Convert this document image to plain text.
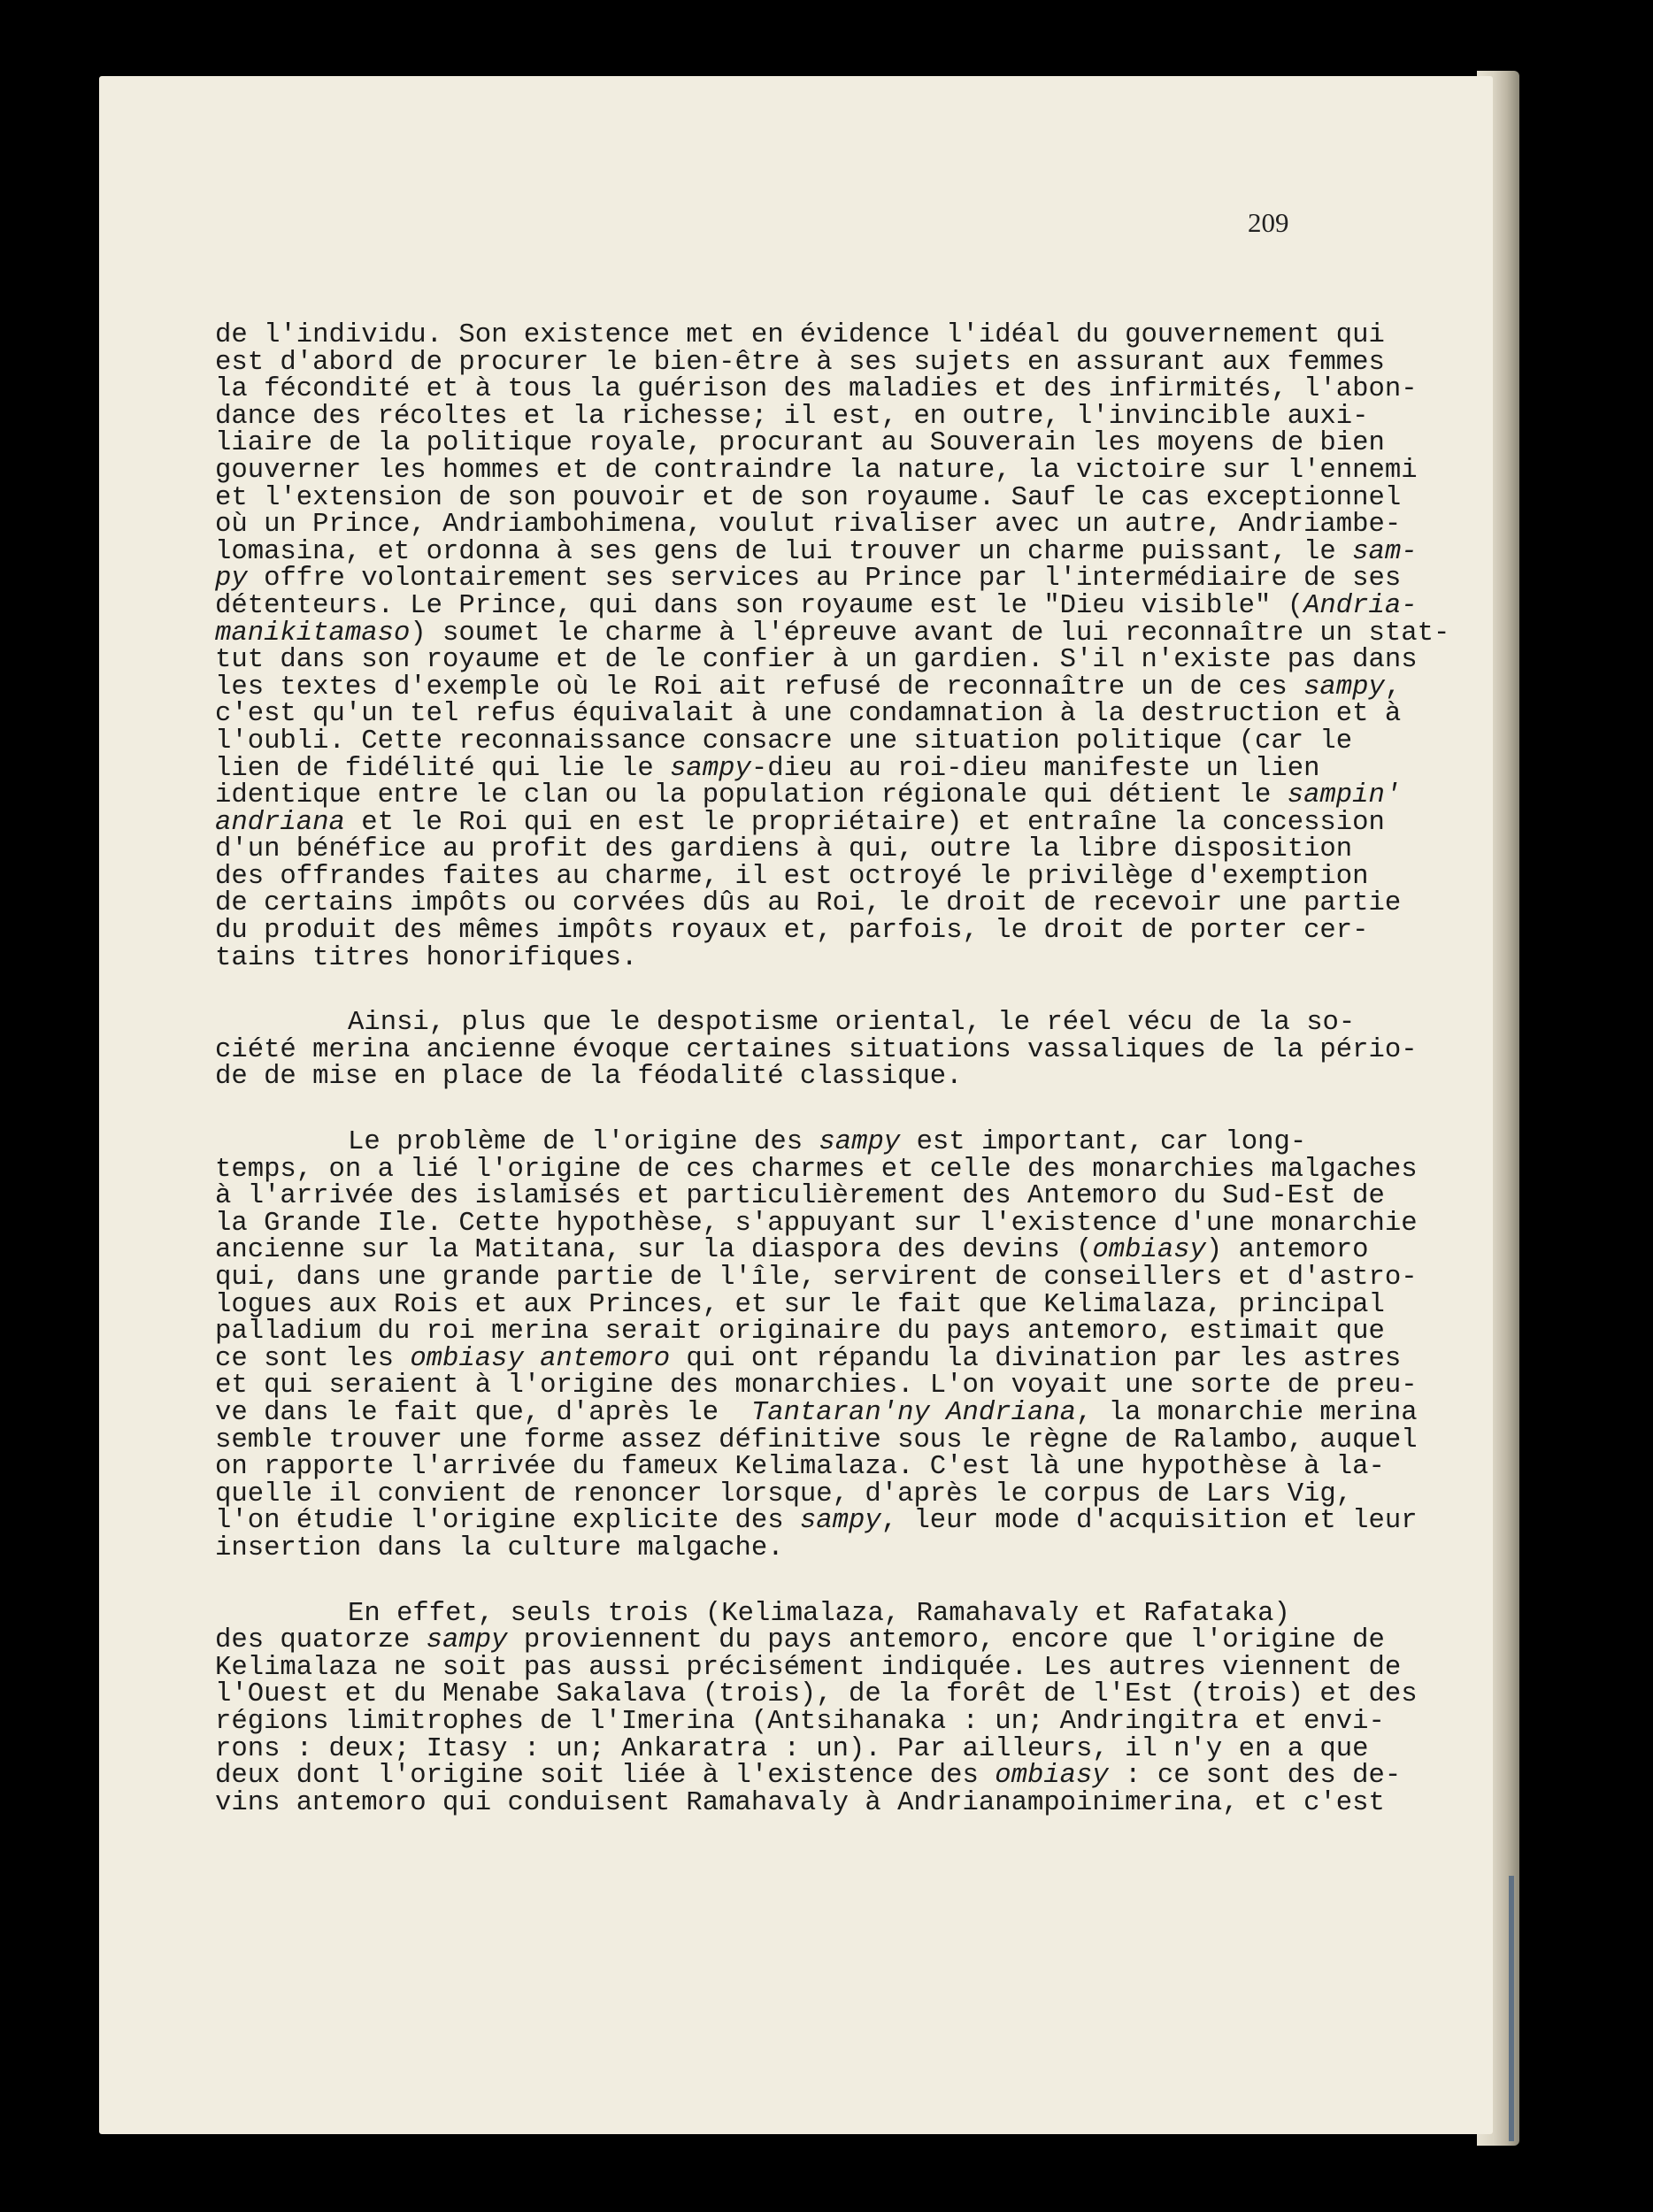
209
de l'individu. Son existence met en évidence l'idéal du gouvernement qui
est d'abord de procurer le bien-être à ses sujets en assurant aux femmes
la fécondité et à tous la guérison des maladies et des infirmités, l'abon-
dance des récoltes et la richesse; il est, en outre, l'invincible auxi-
liaire de la politique royale, procurant au Souverain les moyens de bien
gouverner les hommes et de contraindre la nature, la victoire sur l'ennemi
et l'extension de son pouvoir et de son royaume. Sauf le cas exceptionnel
où un Prince, Andriambohimena, voulut rivaliser avec un autre, Andriambe-
lomasina, et ordonna à ses gens de lui trouver un charme puissant, le sam-
py offre volontairement ses services au Prince par l'intermédiaire de ses
détenteurs. Le Prince, qui dans son royaume est le "Dieu visible" (Andria-
manikitamaso) soumet le charme à l'épreuve avant de lui reconnaître un stat-
tut dans son royaume et de le confier à un gardien. S'il n'existe pas dans
les textes d'exemple où le Roi ait refusé de reconnaître un de ces sampy
c'est qu'un tel refus équivalait à une condamnation à la destruction et à
l'oubli. Cette reconnaissance consacre une situation politique (car le
lien de fidélité qui lie le sampy-dieu au roi-dieu manifeste un lien
identique entre le clan ou la population régionale qui détient le sampin'
andriana et le Roi qui en est le propriétaire) et entraîne la concession
d'un bénéfice au profit des gardiens à qui, outre la libre disposition
des offrandes faites au charme, il est octroyé le privilège d'exemption
de certains impôts ou corvées dûs au Roi, le droit de recevoir une partie
du produit des mêmes impôts royaux et, parfois, le droit de porter cer-
tains titres honorifiques.
Ainsi, plus que le despotisme oriental, le réel vécu de la so-
ciété merina ancienne évoque certaines situations vassaliques de la pério-
de de mise en place de la féodalité classique.
Le problème de l'origine des sampy est important, car long-
temps, on a lié l'origine de ces charmes et celle des monarchies malgaches
à l'arrivée des islamisés et particulièrement des Antemoro du Sud-Est de
la Grande Ile. Cette hypothèse, s'appuyant sur l'existence d'une monarchie
ancienne sur la Matitana, sur la diaspora des devins (ombiasy) antemoro
qui, dans une grande partie de l'île, servirent de conseillers et d'astro-
logues aux Rois et aux Princes, et sur le fait que Kelimalaza, principal
palladium du roi merina serait originaire du pays antemoro, estimait que
ce sont les ombiasy antemoro qui ont répandu la divination par les astres
et qui seraient à l'origine des monarchies. L'on voyait une sorte de preu-
ve dans le fait que, d'après le  Tantaran'ny Andriana, la monarchie merina
semble trouver une forme assez définitive sous le règne de Ralambo, auquel
on rapporte l'arrivée du fameux Kelimalaza. C'est là une hypothèse à la-
quelle il convient de renoncer lorsque, d'après le corpus de Lars Vig,
l'on étudie l'origine explicite des sampy, leur mode d'acquisition et leur
insertion dans la culture malgache.
En effet, seuls trois (Kelimalaza, Ramahavaly et Rafataka)
des quatorze sampy proviennent du pays antemoro, encore que l'origine de
Kelimalaza ne soit pas aussi précisément indiquée. Les autres viennent de
l'Ouest et du Menabe Sakalava (trois), de la forêt de l'Est (trois) et des
régions limitrophes de l'Imerina (Antsihanaka : un; Andringitra et envi-
rons : deux; Itasy : un; Ankaratra : un). Par ailleurs, il n'y en a que
deux dont l'origine soit liée à l'existence des ombiasy : ce sont des de-
vins antemoro qui conduisent Ramahavaly à Andrianampoinimerina, et c'est
